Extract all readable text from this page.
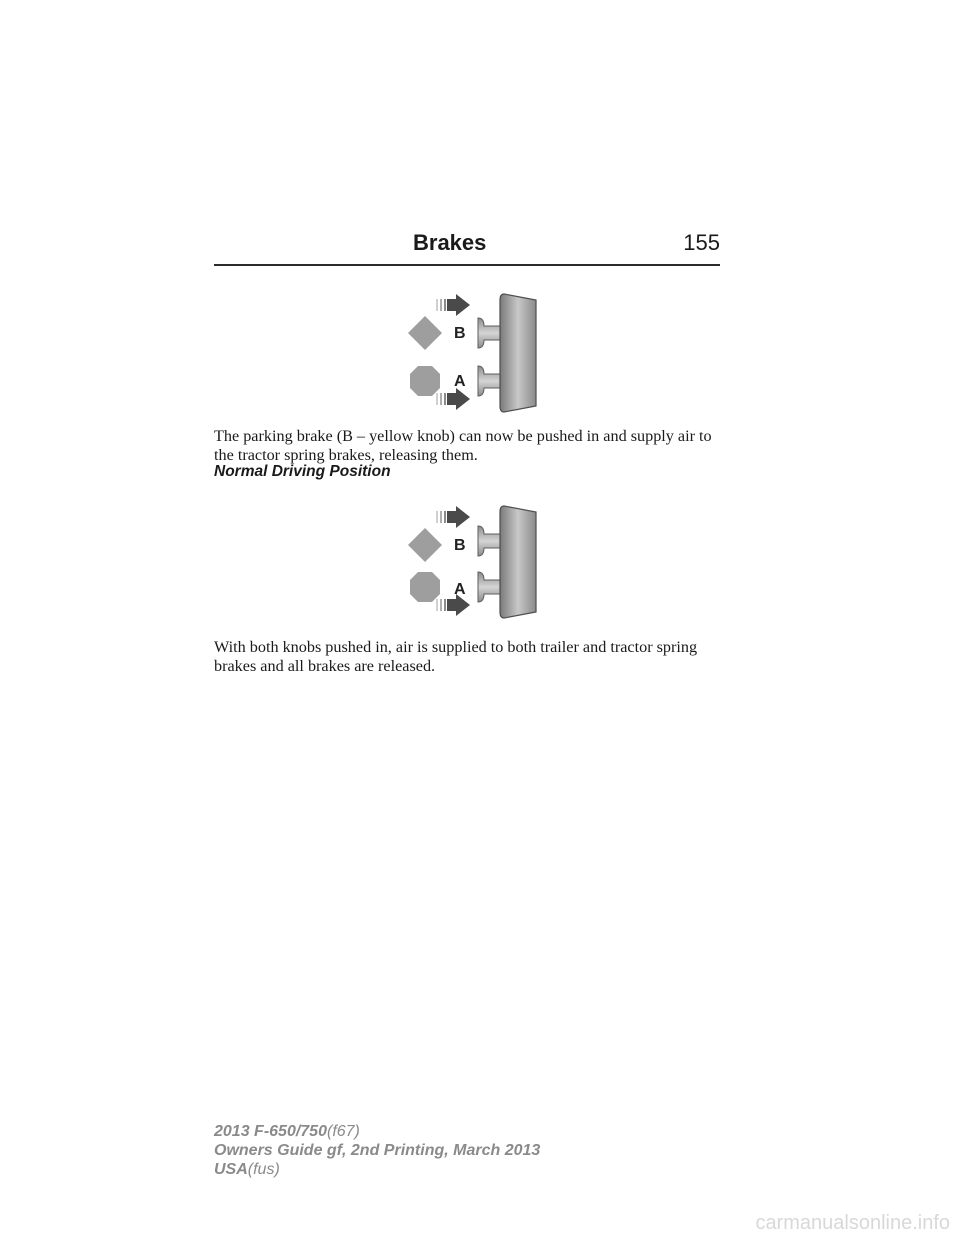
Brakes	155
B
A

The parking brake (B – yellow knob) can now be pushed in and supply air to the tractor spring brakes, releasing them.

Normal Driving Position
B
A

With both knobs pushed in, air is supplied to both trailer and tractor spring brakes and all brakes are released.

2013 F-650/750(f67)
Owners Guide gf, 2nd Printing, March 2013
USA(fus)
carmanualsonline.info
